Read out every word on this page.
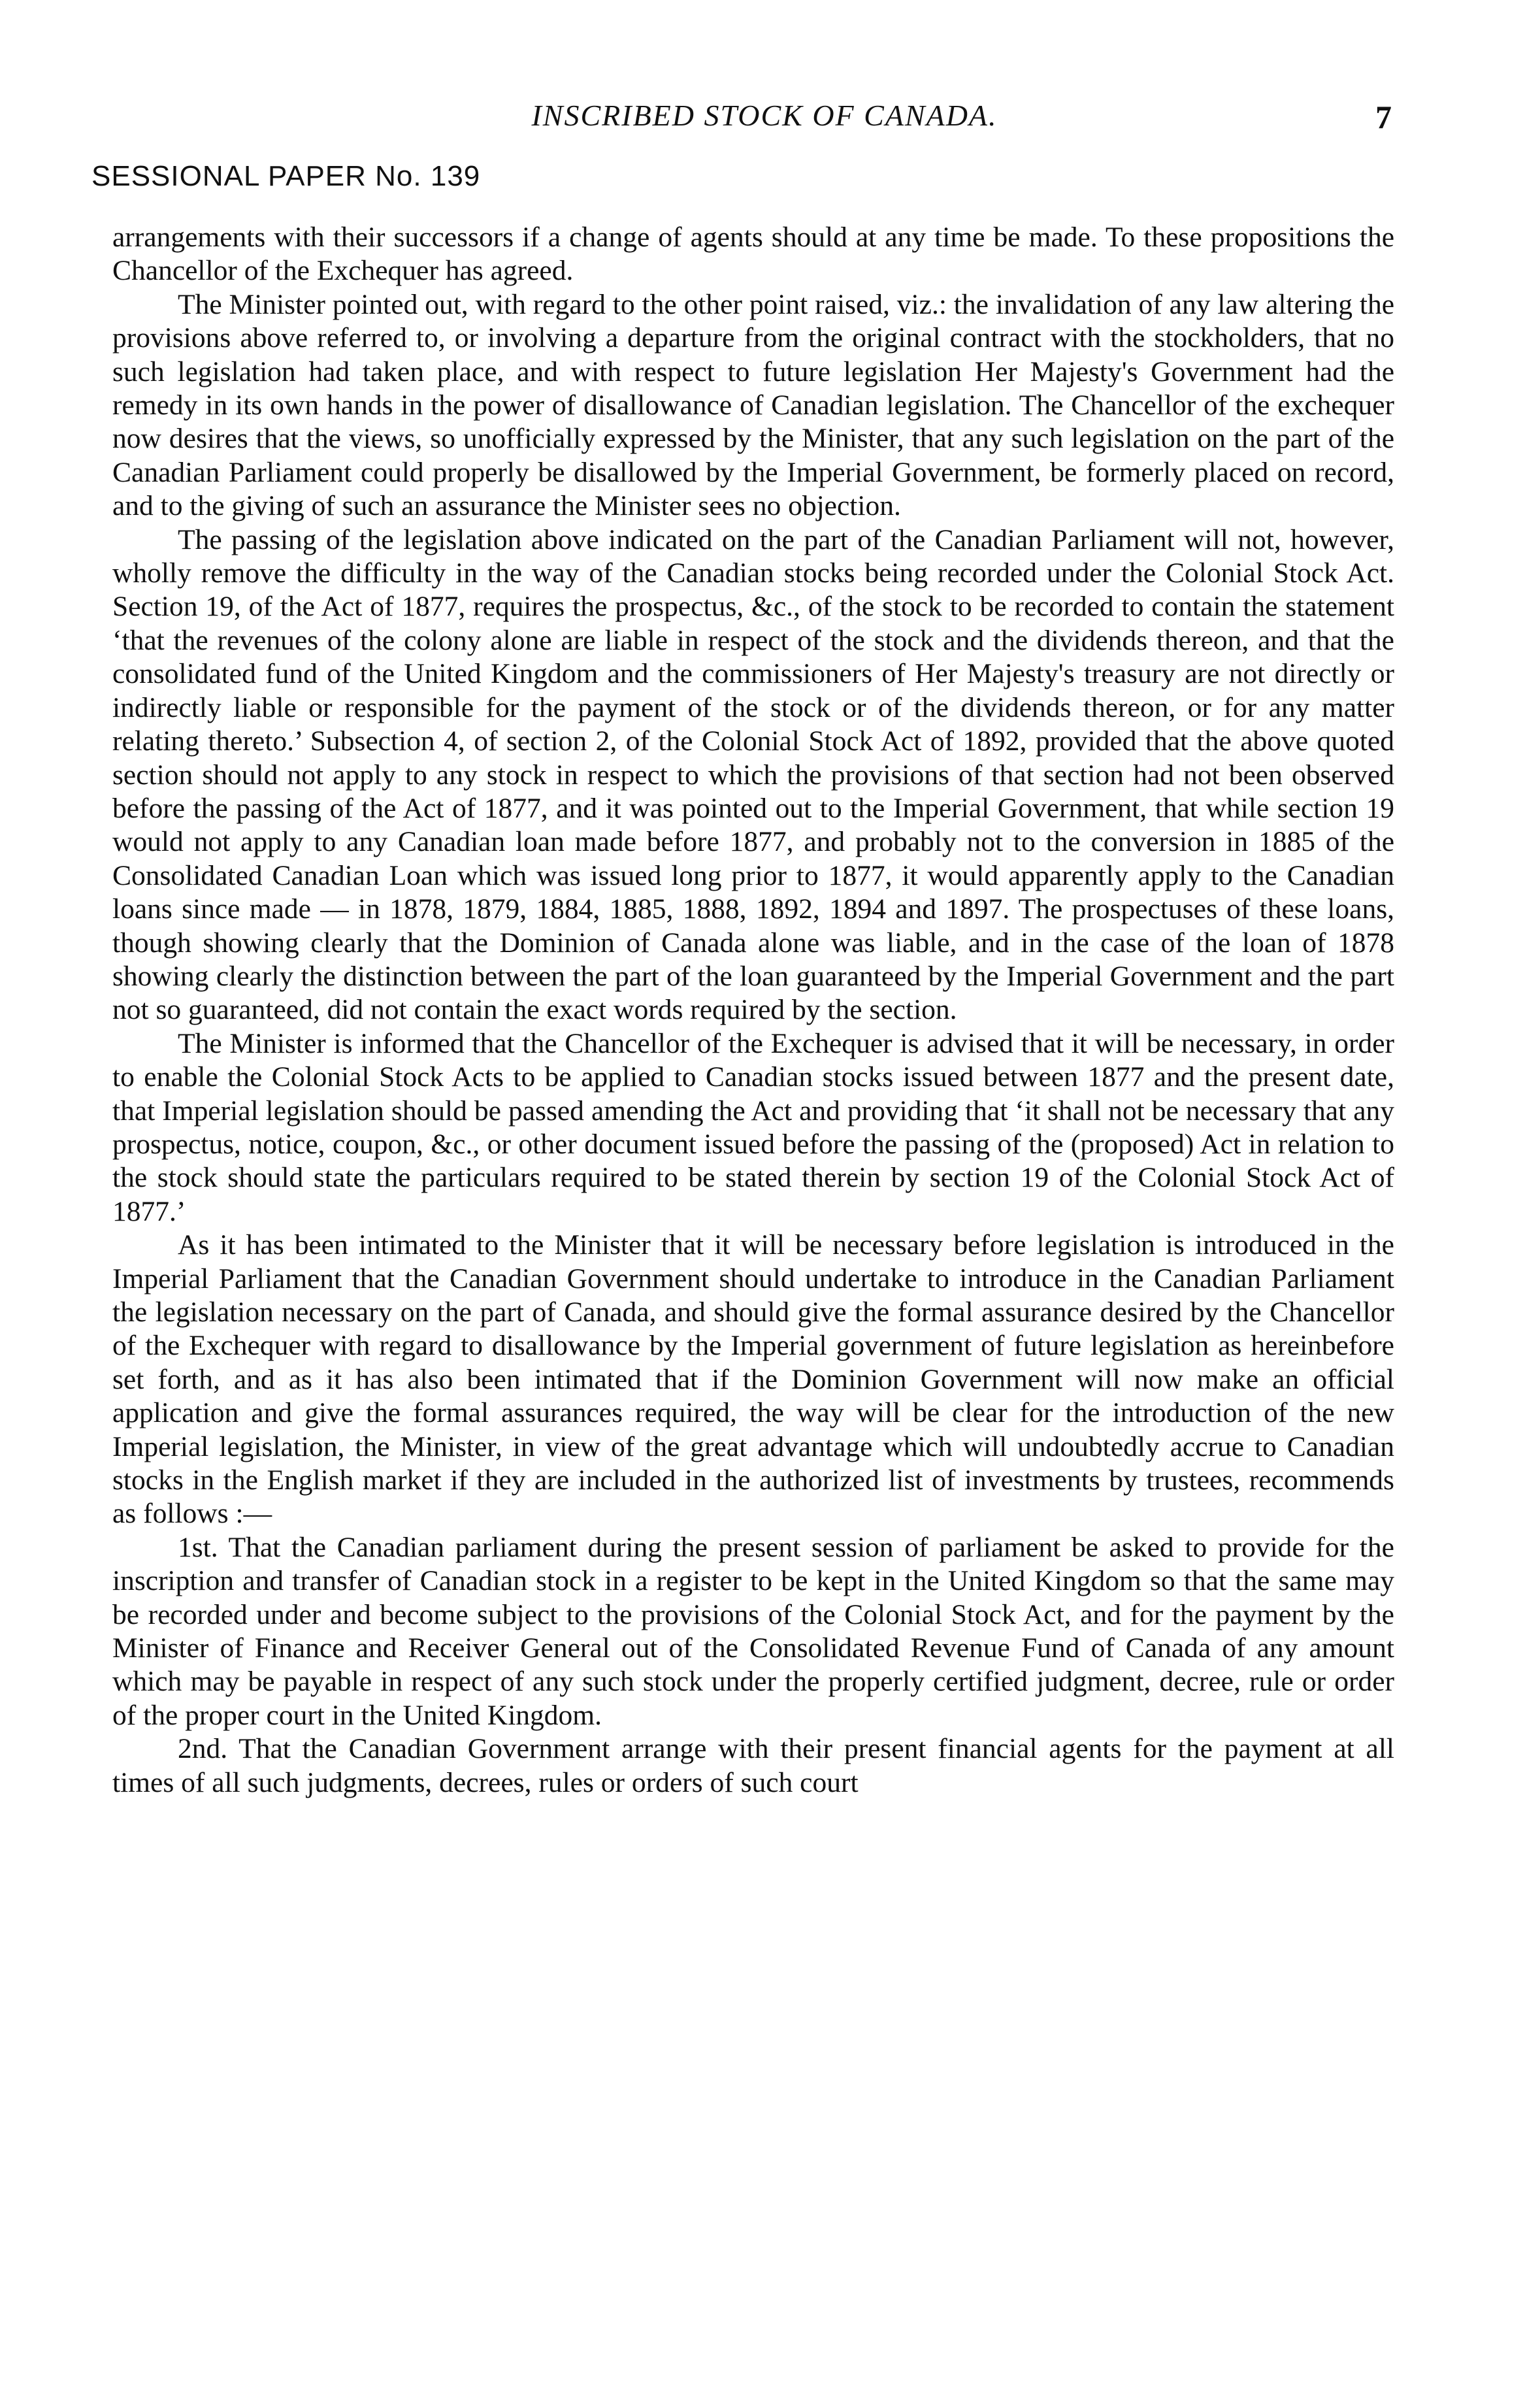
INSCRIBED STOCK OF CANADA.	7
SESSIONAL PAPER No. 139

arrangements with their successors if a change of agents should at any time be made. To these propositions the Chancellor of the Exchequer has agreed.

The Minister pointed out, with regard to the other point raised, viz.: the invalidation of any law altering the provisions above referred to, or involving a departure from the original contract with the stockholders, that no such legislation had taken place, and with respect to future legislation Her Majesty's Government had the remedy in its own hands in the power of disallowance of Canadian legislation. The Chancellor of the exchequer now desires that the views, so unofficially expressed by the Minister, that any such legislation on the part of the Canadian Parliament could properly be disallowed by the Imperial Government, be formerly placed on record, and to the giving of such an assurance the Minister sees no objection.

The passing of the legislation above indicated on the part of the Canadian Parliament will not, however, wholly remove the difficulty in the way of the Canadian stocks being recorded under the Colonial Stock Act. Section 19, of the Act of 1877, requires the prospectus, &c., of the stock to be recorded to contain the statement ‘that the revenues of the colony alone are liable in respect of the stock and the dividends thereon, and that the consolidated fund of the United Kingdom and the commissioners of Her Majesty's treasury are not directly or indirectly liable or responsible for the payment of the stock or of the dividends thereon, or for any matter relating thereto.’ Subsection 4, of section 2, of the Colonial Stock Act of 1892, provided that the above quoted section should not apply to any stock in respect to which the provisions of that section had not been observed before the passing of the Act of 1877, and it was pointed out to the Imperial Government, that while section 19 would not apply to any Canadian loan made before 1877, and probably not to the conversion in 1885 of the Consolidated Canadian Loan which was issued long prior to 1877, it would apparently apply to the Canadian loans since made — in 1878, 1879, 1884, 1885, 1888, 1892, 1894 and 1897. The prospectuses of these loans, though showing clearly that the Dominion of Canada alone was liable, and in the case of the loan of 1878 showing clearly the distinction between the part of the loan guaranteed by the Imperial Government and the part not so guaranteed, did not contain the exact words required by the section.

The Minister is informed that the Chancellor of the Exchequer is advised that it will be necessary, in order to enable the Colonial Stock Acts to be applied to Canadian stocks issued between 1877 and the present date, that Imperial legislation should be passed amending the Act and providing that ‘it shall not be necessary that any prospectus, notice, coupon, &c., or other document issued before the passing of the (proposed) Act in relation to the stock should state the particulars required to be stated therein by section 19 of the Colonial Stock Act of 1877.’

As it has been intimated to the Minister that it will be necessary before legislation is introduced in the Imperial Parliament that the Canadian Government should undertake to introduce in the Canadian Parliament the legislation necessary on the part of Canada, and should give the formal assurance desired by the Chancellor of the Exchequer with regard to disallowance by the Imperial government of future legislation as hereinbefore set forth, and as it has also been intimated that if the Dominion Government will now make an official application and give the formal assurances required, the way will be clear for the introduction of the new Imperial legislation, the Minister, in view of the great advantage which will undoubtedly accrue to Canadian stocks in the English market if they are included in the authorized list of investments by trustees, recommends as follows :—

1st. That the Canadian parliament during the present session of parliament be asked to provide for the inscription and transfer of Canadian stock in a register to be kept in the United Kingdom so that the same may be recorded under and become subject to the provisions of the Colonial Stock Act, and for the payment by the Minister of Finance and Receiver General out of the Consolidated Revenue Fund of Canada of any amount which may be payable in respect of any such stock under the properly certified judgment, decree, rule or order of the proper court in the United Kingdom.

2nd. That the Canadian Government arrange with their present financial agents for the payment at all times of all such judgments, decrees, rules or orders of such court
